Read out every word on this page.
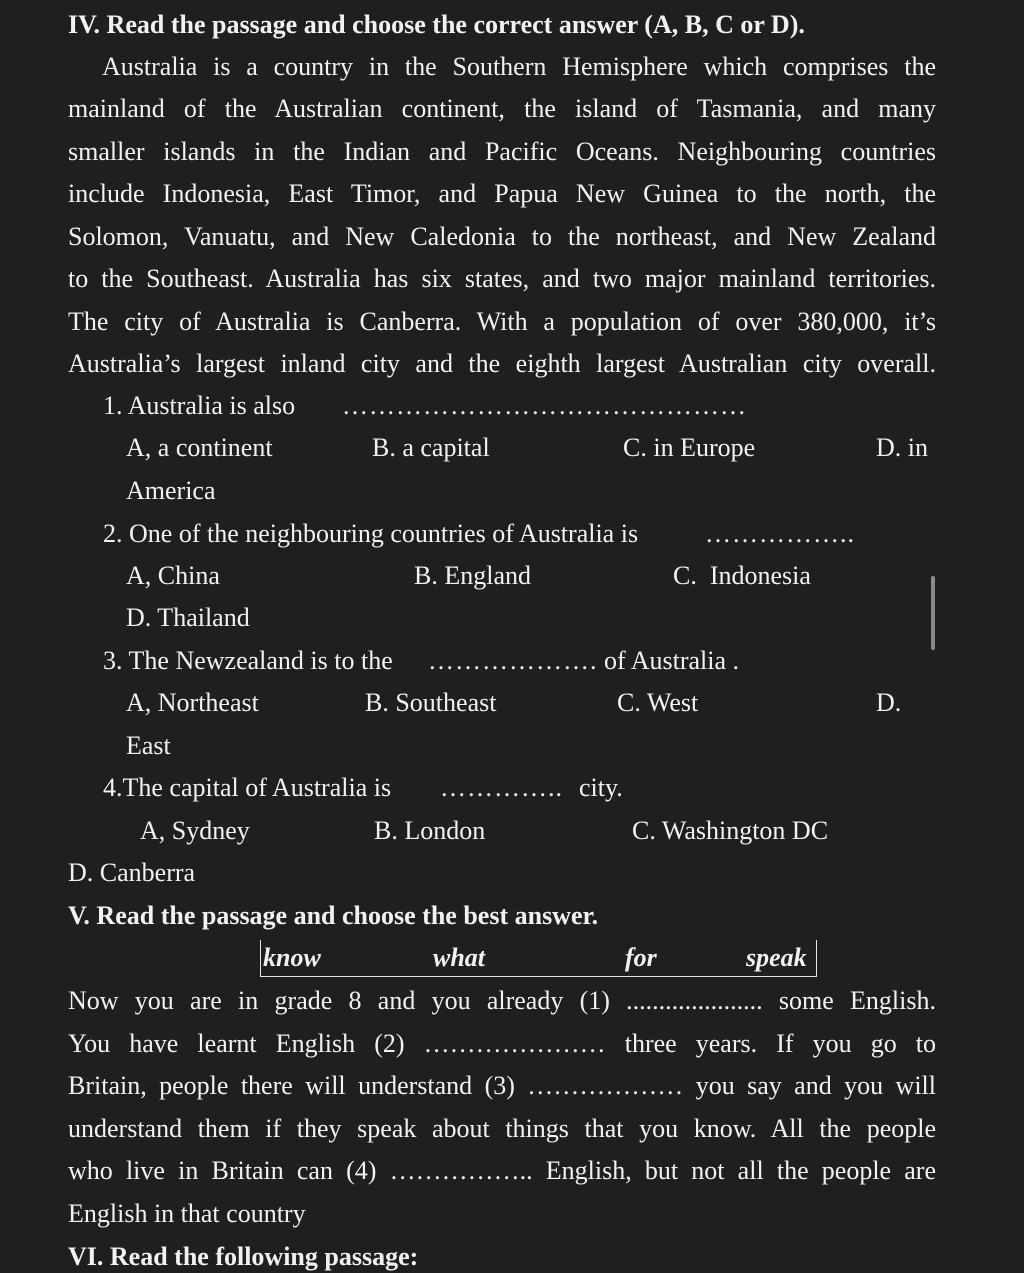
IV. Read the passage and choose the correct answer (A, B, C or D).
Australia is a country in the Southern Hemisphere which comprises the
mainland of the Australian continent, the island of Tasmania, and many
smaller islands in the Indian and Pacific Oceans. Neighbouring countries
include Indonesia, East Timor, and Papua New Guinea to the north, the
Solomon, Vanuatu, and New Caledonia to the northeast, and New Zealand
to the Southeast. Australia has six states, and two major mainland territories.
The city of Australia is Canberra. With a population of over 380,000, it’s
Australia’s largest inland city and the eighth largest Australian city overall.
1. Australia is also ………………………………………
A, a continent	B. a capital	C. in Europe	D. in
America
2. One of the neighbouring countries of Australia is	……………..
A, China	B. England	C.  Indonesia
D. Thailand
3. The Newzealand is to the ………………. of Australia .
A, Northeast	B. Southeast	C. West	D.
East
4.The capital of Australia is ………….. city.
A, Sydney	B. London	C. Washington DC
D. Canberra
V. Read the passage and choose the best answer.
know	what	for	speak
Now you are in grade 8 and you already (1) ..................... some English.
You have learnt English (2) ………………… three years. If you go to
Britain, people there will understand (3) ……………… you say and you will
understand them if they speak about things that you know. All the people
who live in Britain can (4) …………….. English, but not all the people are
English in that country
VI. Read the following passage:
